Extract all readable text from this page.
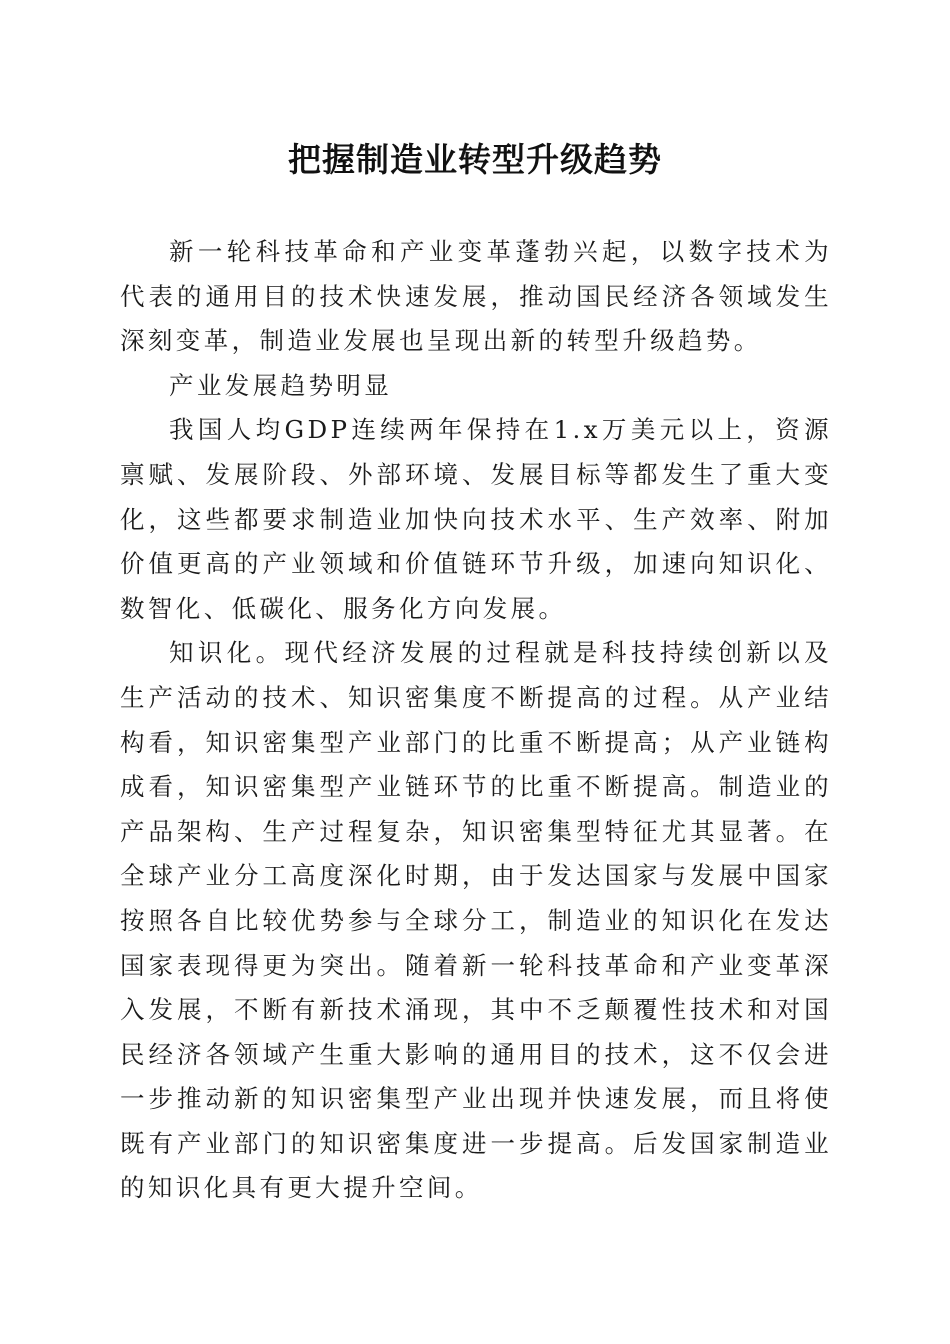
把握制造业转型升级趋势

新一轮科技革命和产业变革蓬勃兴起，以数字技术为代表的通用目的技术快速发展，推动国民经济各领域发生深刻变革，制造业发展也呈现出新的转型升级趋势。

产业发展趋势明显

我国人均GDP连续两年保持在1.x万美元以上，资源禀赋、发展阶段、外部环境、发展目标等都发生了重大变化，这些都要求制造业加快向技术水平、生产效率、附加价值更高的产业领域和价值链环节升级，加速向知识化、数智化、低碳化、服务化方向发展。

知识化。现代经济发展的过程就是科技持续创新以及生产活动的技术、知识密集度不断提高的过程。从产业结构看，知识密集型产业部门的比重不断提高；从产业链构成看，知识密集型产业链环节的比重不断提高。制造业的产品架构、生产过程复杂，知识密集型特征尤其显著。在全球产业分工高度深化时期，由于发达国家与发展中国家按照各自比较优势参与全球分工，制造业的知识化在发达国家表现得更为突出。随着新一轮科技革命和产业变革深入发展，不断有新技术涌现，其中不乏颠覆性技术和对国民经济各领域产生重大影响的通用目的技术，这不仅会进一步推动新的知识密集型产业出现并快速发展，而且将使既有产业部门的知识密集度进一步提高。后发国家制造业的知识化具有更大提升空间。
